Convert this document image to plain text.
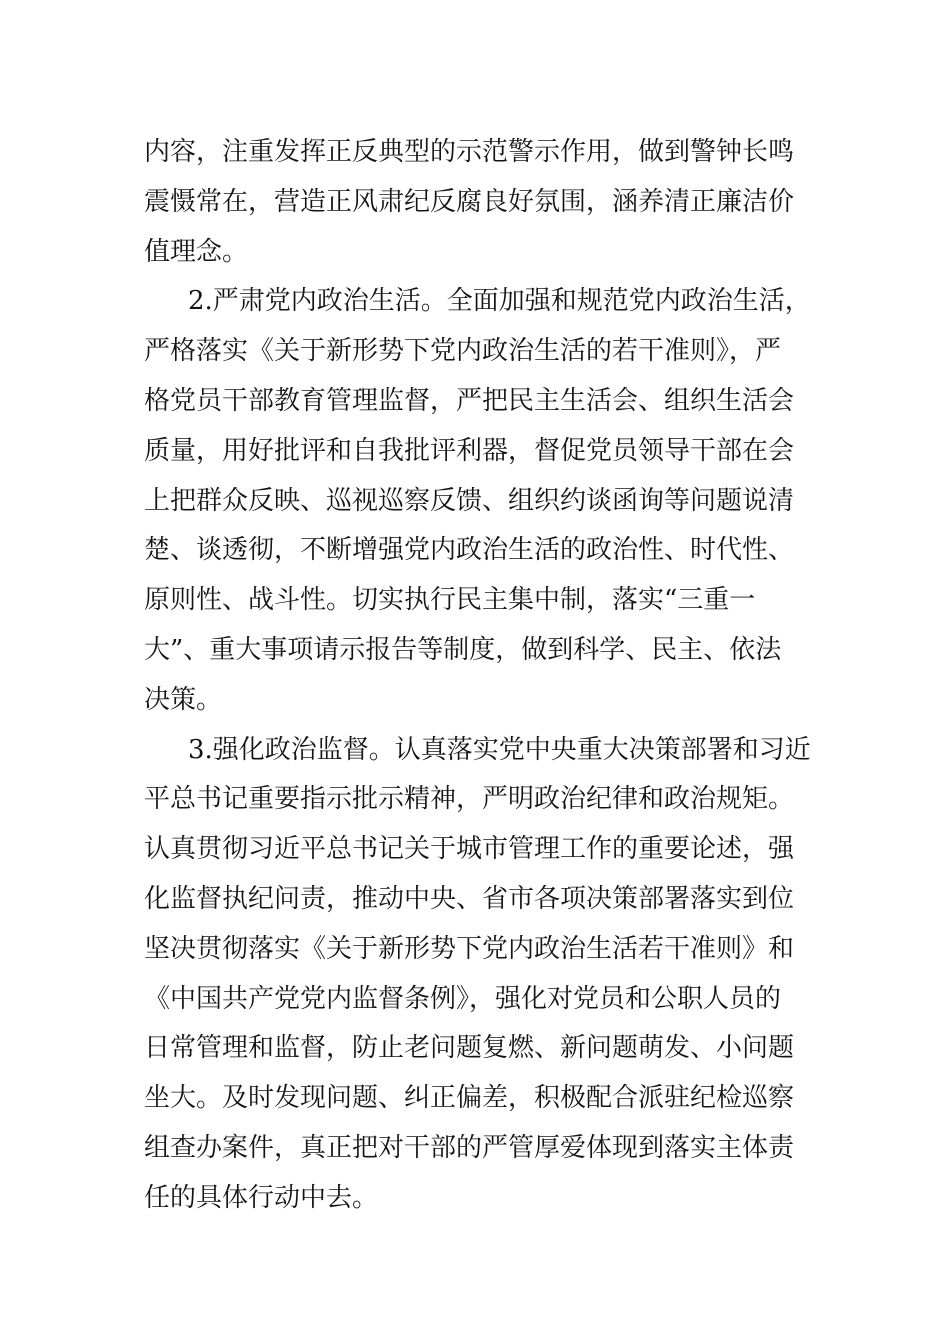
内容，注重发挥正反典型的示范警示作用，做到警钟长鸣
震慑常在，营造正风肃纪反腐良好氛围，涵养清正廉洁价
值理念。
2.严肃党内政治生活。全面加强和规范党内政治生活，
严格落实《关于新形势下党内政治生活的若干准则》，严
格党员干部教育管理监督，严把民主生活会、组织生活会
质量，用好批评和自我批评利器，督促党员领导干部在会
上把群众反映、巡视巡察反馈、组织约谈函询等问题说清
楚、谈透彻，不断增强党内政治生活的政治性、时代性、
原则性、战斗性。切实执行民主集中制，落实“三重一
大”、重大事项请示报告等制度，做到科学、民主、依法
决策。
3.强化政治监督。认真落实党中央重大决策部署和习近
平总书记重要指示批示精神，严明政治纪律和政治规矩。
认真贯彻习近平总书记关于城市管理工作的重要论述，强
化监督执纪问责，推动中央、省市各项决策部署落实到位
坚决贯彻落实《关于新形势下党内政治生活若干准则》和
《中国共产党党内监督条例》，强化对党员和公职人员的
日常管理和监督，防止老问题复燃、新问题萌发、小问题
坐大。及时发现问题、纠正偏差，积极配合派驻纪检巡察
组查办案件，真正把对干部的严管厚爱体现到落实主体责
任的具体行动中去。
